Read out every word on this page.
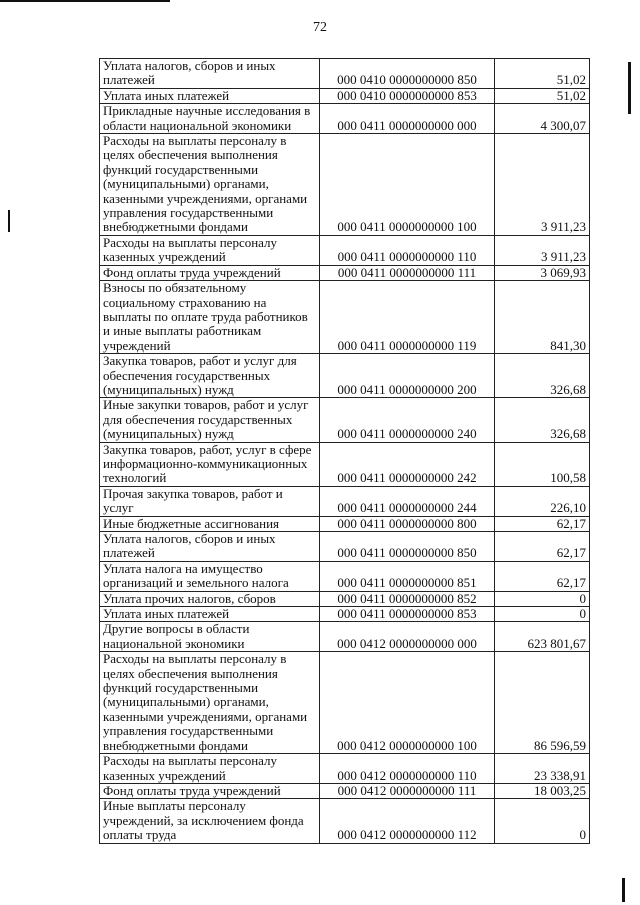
72
Уплата налогов, сборов и иных платежей	000 0410 0000000000 850	51,02
Уплата иных платежей	000 0410 0000000000 853	51,02
Прикладные научные исследования в области национальной экономики	000 0411 0000000000 000	4 300,07
Расходы на выплаты персоналу в целях обеспечения выполнения функций государственными (муниципальными) органами, казенными учреждениями, органами управления государственными внебюджетными фондами	000 0411 0000000000 100	3 911,23
Расходы на выплаты персоналу казенных учреждений	000 0411 0000000000 110	3 911,23
Фонд оплаты труда учреждений	000 0411 0000000000 111	3 069,93
Взносы по обязательному социальному страхованию на выплаты по оплате труда работников и иные выплаты работникам учреждений	000 0411 0000000000 119	841,30
Закупка товаров, работ и услуг для обеспечения государственных (муниципальных) нужд	000 0411 0000000000 200	326,68
Иные закупки товаров, работ и услуг для обеспечения государственных (муниципальных) нужд	000 0411 0000000000 240	326,68
Закупка товаров, работ, услуг в сфере информационно-коммуникационных технологий	000 0411 0000000000 242	100,58
Прочая закупка товаров, работ и услуг	000 0411 0000000000 244	226,10
Иные бюджетные ассигнования	000 0411 0000000000 800	62,17
Уплата налогов, сборов и иных платежей	000 0411 0000000000 850	62,17
Уплата налога на имущество организаций и земельного налога	000 0411 0000000000 851	62,17
Уплата прочих налогов, сборов	000 0411 0000000000 852	0
Уплата иных платежей	000 0411 0000000000 853	0
Другие вопросы в области национальной экономики	000 0412 0000000000 000	623 801,67
Расходы на выплаты персоналу в целях обеспечения выполнения функций государственными (муниципальными) органами, казенными учреждениями, органами управления государственными внебюджетными фондами	000 0412 0000000000 100	86 596,59
Расходы на выплаты персоналу казенных учреждений	000 0412 0000000000 110	23 338,91
Фонд оплаты труда учреждений	000 0412 0000000000 111	18 003,25
Иные выплаты персоналу учреждений, за исключением фонда оплаты труда	000 0412 0000000000 112	0
